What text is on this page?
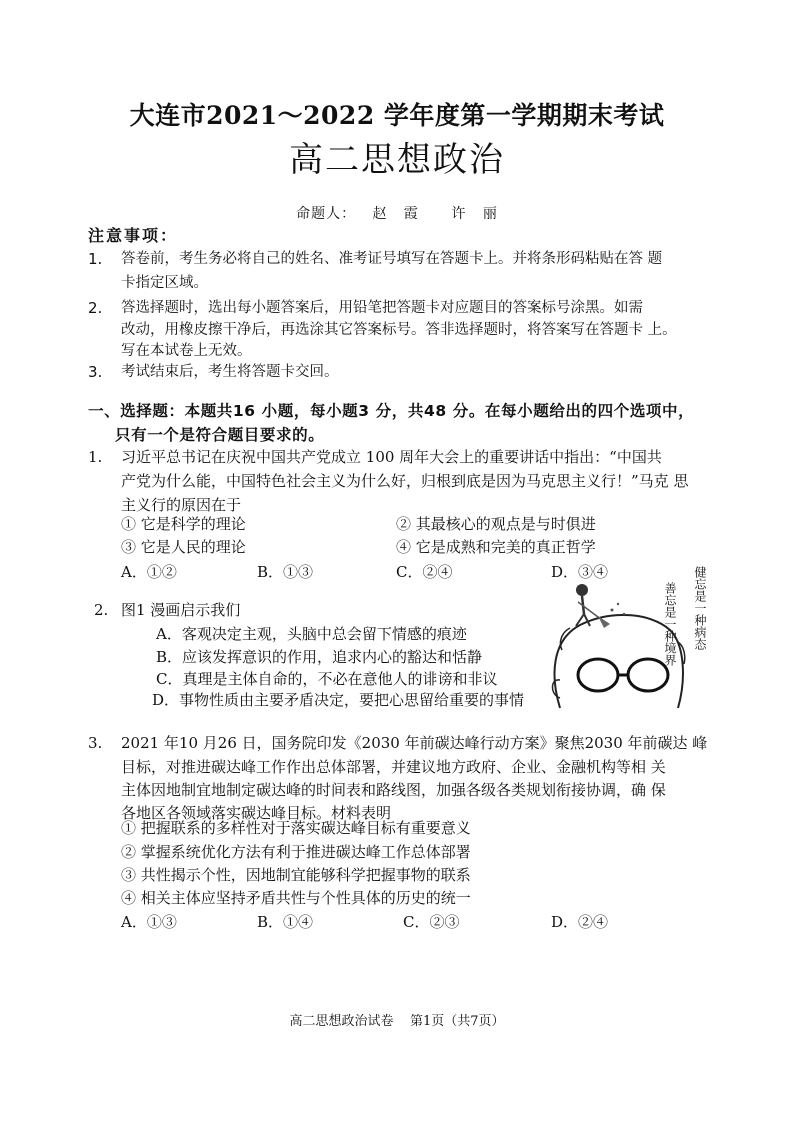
大连市2021～2022 学年度第一学期期末考试
高二思想政治
命题人：   赵   霞      许   丽
注意事项：
1. 答卷前，考生务必将自己的姓名、准考证号填写在答题卡上。并将条形码粘贴在答 题
卡指定区域。
2. 答选择题时，选出每小题答案后，用铅笔把答题卡对应题目的答案标号涂黑。如需
改动，用橡皮擦干净后，再选涂其它答案标号。答非选择题时，将答案写在答题卡 上。
写在本试卷上无效。
3. 考试结束后，考生将答题卡交回。
一、选择题：本题共16 小题，每小题3 分，共48 分。在每小题给出的四个选项中，
只有一个是符合题目要求的。
1. 习近平总书记在庆祝中国共产党成立 100 周年大会上的重要讲话中指出：“中国共
产党为什么能，中国特色社会主义为什么好，归根到底是因为马克思主义行！”马克 思
主义行的原因在于
① 它是科学的理论	② 其最核心的观点是与时俱进
③ 它是人民的理论	④ 它是成熟和完美的真正哲学
A．①②	B．①③	C．②④	D．③④
2. 图1 漫画启示我们
A．客观决定主观，头脑中总会留下情感的痕迹
B．应该发挥意识的作用，追求内心的豁达和恬静
C．真理是主体自命的，不必在意他人的诽谤和非议
D．事物性质由主要矛盾决定，要把心思留给重要的事情
善忘是一种境界	健忘是一种病态
3. 2021 年10 月26 日，国务院印发《2030 年前碳达峰行动方案》聚焦2030 年前碳达 峰
目标，对推进碳达峰工作作出总体部署，并建议地方政府、企业、金融机构等相 关
主体因地制宜地制定碳达峰的时间表和路线图，加强各级各类规划衔接协调，确 保
各地区各领域落实碳达峰目标。材料表明
① 把握联系的多样性对于落实碳达峰目标有重要意义
② 掌握系统优化方法有利于推进碳达峰工作总体部署
③ 共性揭示个性，因地制宜能够科学把握事物的联系
④ 相关主体应坚持矛盾共性与个性具体的历史的统一
A．①③	B．①④	C．②③	D．②④
高二思想政治试卷    第1页（共7页）
